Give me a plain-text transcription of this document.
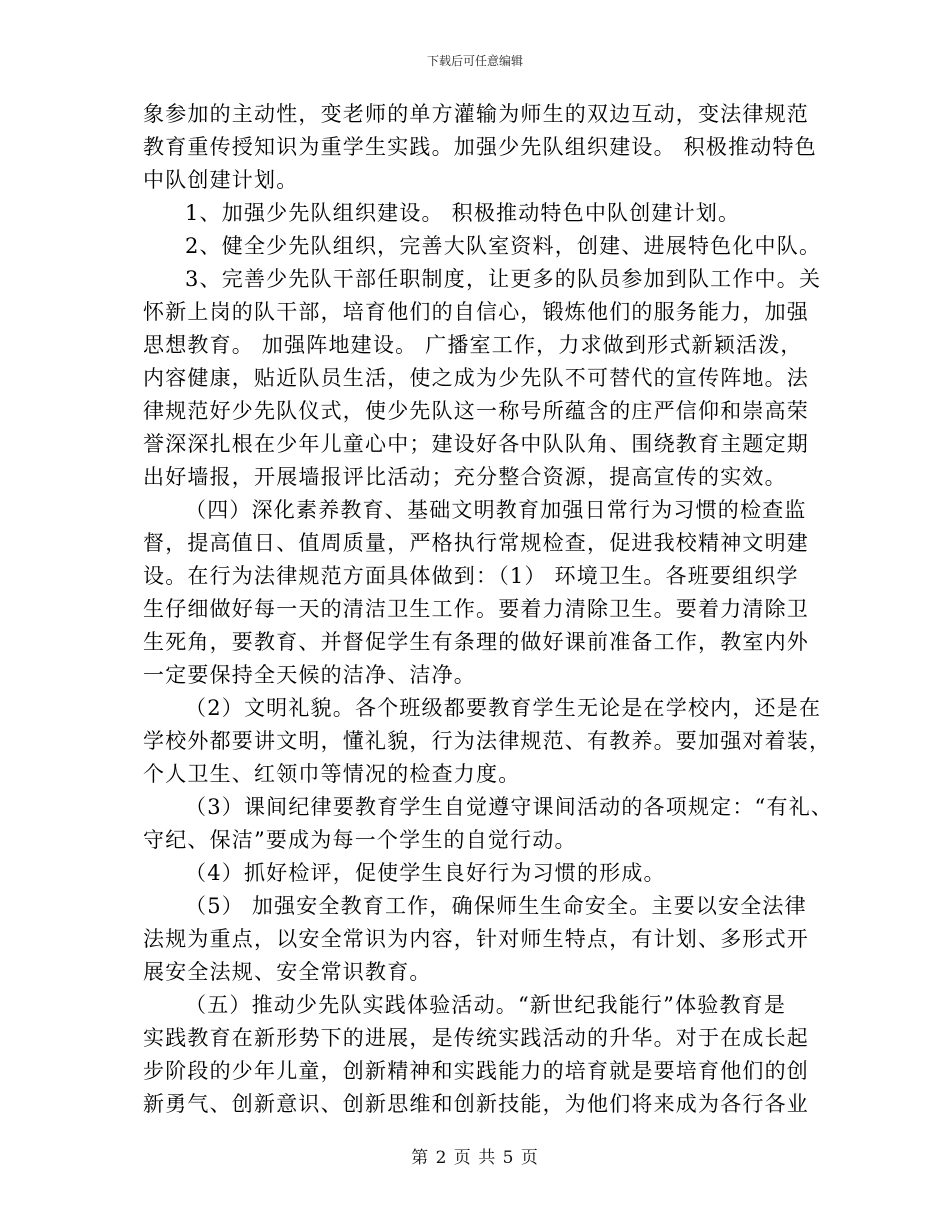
下载后可任意编辑
象参加的主动性，变老师的单方灌输为师生的双边互动，变法律规范
教育重传授知识为重学生实践。加强少先队组织建设。 积极推动特色
中队创建计划。
1、加强少先队组织建设。 积极推动特色中队创建计划。
2、健全少先队组织，完善大队室资料，创建、进展特色化中队。
3、完善少先队干部任职制度，让更多的队员参加到队工作中。关
怀新上岗的队干部，培育他们的自信心，锻炼他们的服务能力，加强
思想教育。 加强阵地建设。 广播室工作，力求做到形式新颖活泼，
内容健康，贴近队员生活，使之成为少先队不可替代的宣传阵地。法
律规范好少先队仪式，使少先队这一称号所蕴含的庄严信仰和崇高荣
誉深深扎根在少年儿童心中；建设好各中队队角、围绕教育主题定期
出好墙报，开展墙报评比活动；充分整合资源，提高宣传的实效。
（四）深化素养教育、基础文明教育加强日常行为习惯的检查监
督，提高值日、值周质量，严格执行常规检查，促进我校精神文明建
设。在行为法律规范方面具体做到：（1） 环境卫生。各班要组织学
生仔细做好每一天的清洁卫生工作。要着力清除卫生。要着力清除卫
生死角，要教育、并督促学生有条理的做好课前准备工作，教室内外
一定要保持全天候的洁净、洁净。
（2）文明礼貌。各个班级都要教育学生无论是在学校内，还是在
学校外都要讲文明，懂礼貌，行为法律规范、有教养。要加强对着装，
个人卫生、红领巾等情况的检查力度。
（3）课间纪律要教育学生自觉遵守课间活动的各项规定：“有礼、
守纪、保洁”要成为每一个学生的自觉行动。
（4）抓好检评，促使学生良好行为习惯的形成。
（5） 加强安全教育工作，确保师生生命安全。主要以安全法律
法规为重点，以安全常识为内容，针对师生特点，有计划、多形式开
展安全法规、安全常识教育。
（五）推动少先队实践体验活动。“新世纪我能行”体验教育是
实践教育在新形势下的进展，是传统实践活动的升华。对于在成长起
步阶段的少年儿童，创新精神和实践能力的培育就是要培育他们的创
新勇气、创新意识、创新思维和创新技能，为他们将来成为各行各业
第 2 页 共 5 页
